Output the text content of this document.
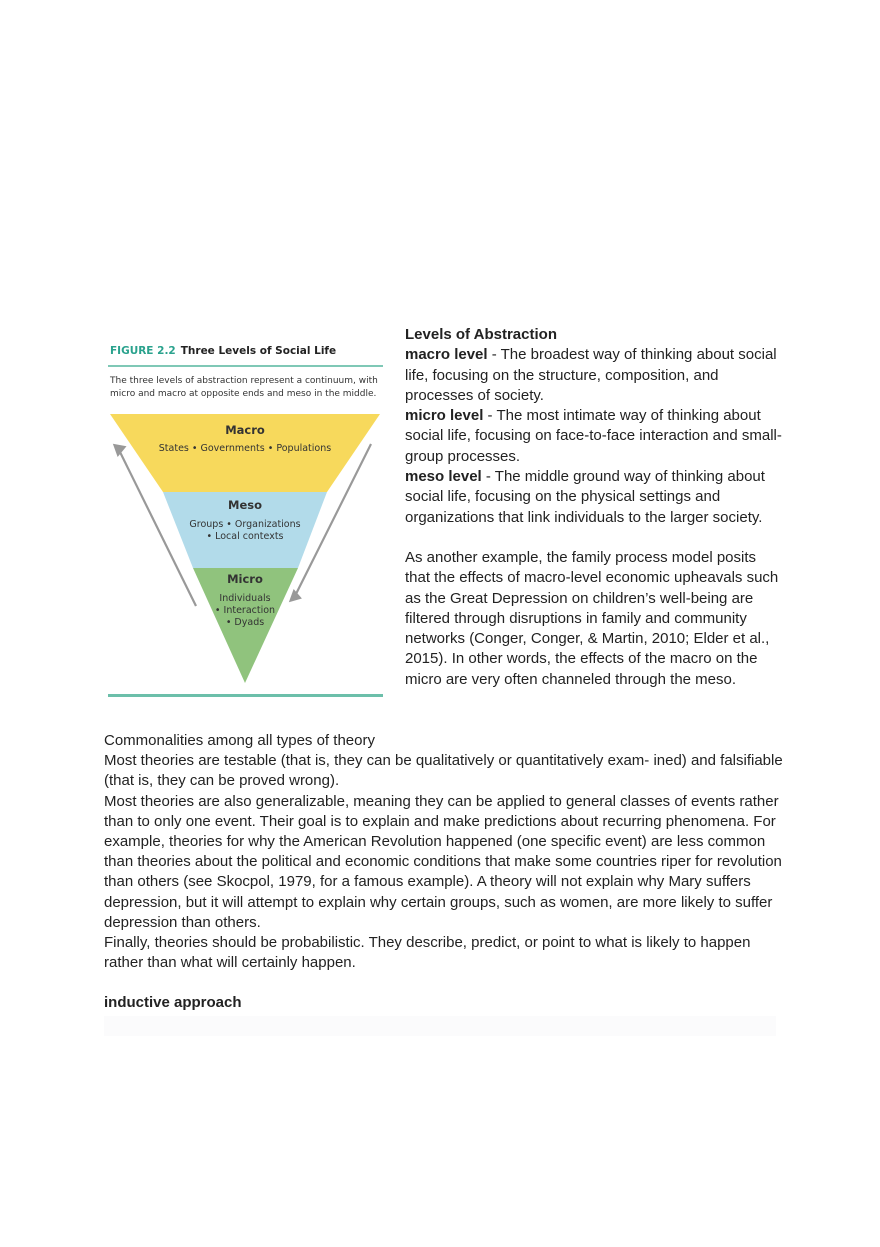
FIGURE 2.2 Three Levels of Social Life
The three levels of abstraction represent a continuum, with micro and macro at opposite ends and meso in the middle.
Macro
States • Governments • Populations
Meso
Groups • Organizations
• Local contexts
Micro
Individuals
• Interaction
• Dyads

Levels of Abstraction

macro level - The broadest way of thinking about social life, focusing on the structure, composition, and processes of society.

micro level - The most intimate way of thinking about social life, focusing on face-to-face interaction and small-group processes.

meso level - The middle ground way of thinking about social life, focusing on the physical settings and organizations that link individuals to the larger society.

As another example, the family process model posits that the effects of macro-level economic upheavals such as the Great Depression on children’s well-being are filtered through disruptions in family and community networks (Conger, Conger, & Martin, 2010; Elder et al., 2015). In other words, the effects of the macro on the micro are very often channeled through the meso.

Commonalities among all types of theory

Most theories are testable (that is, they can be qualitatively or quantitatively exam- ined) and falsifiable (that is, they can be proved wrong).

Most theories are also generalizable, meaning they can be applied to general classes of events rather than to only one event. Their goal is to explain and make predictions about recurring phenomena. For example, theories for why the American Revolution happened (one specific event) are less common than theories about the political and economic conditions that make some countries riper for revolution than others (see Skocpol, 1979, for a famous example). A theory will not explain why Mary suffers depression, but it will attempt to explain why certain groups, such as women, are more likely to suffer depression than others.

Finally, theories should be probabilistic. They describe, predict, or point to what is likely to happen rather than what will certainly happen.

inductive approach
